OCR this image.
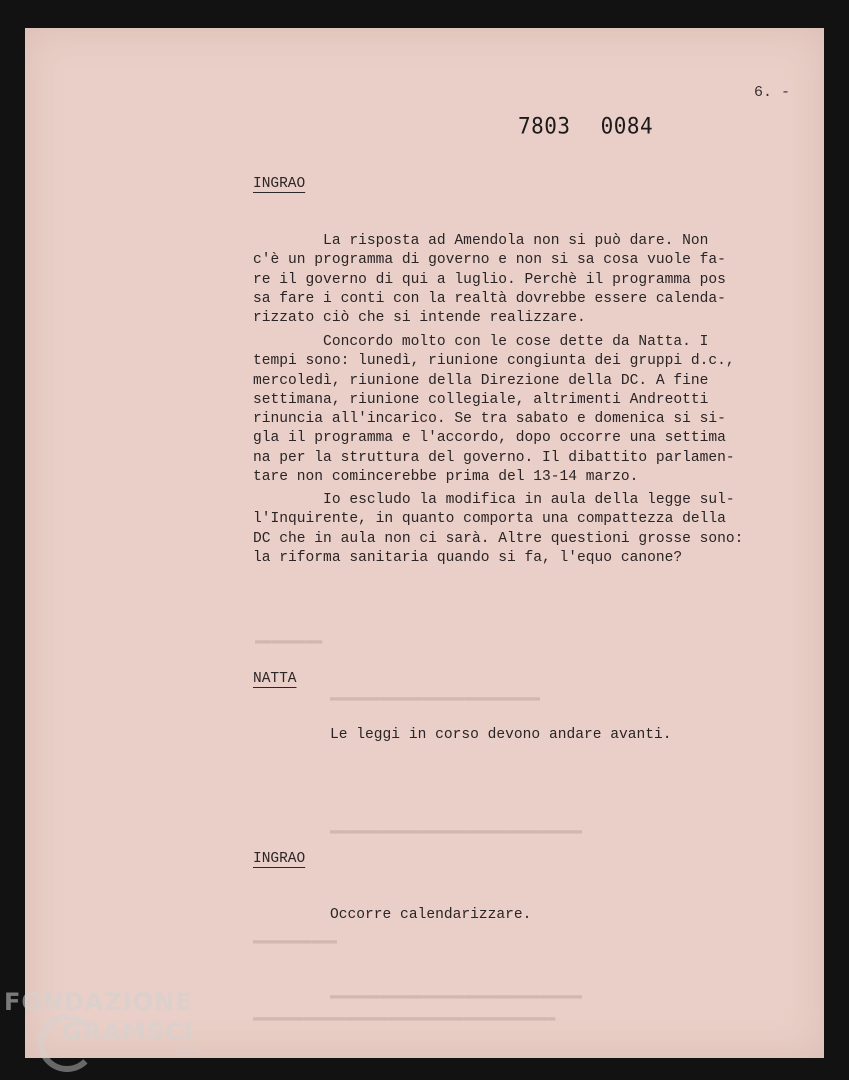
▬▬▬▬▬▬▬▬
▬▬▬▬▬▬▬▬▬▬▬▬▬▬▬▬▬▬▬▬▬▬▬▬▬
▬▬▬▬▬▬▬▬▬▬▬▬▬▬▬▬▬▬▬▬▬▬▬▬▬▬▬▬▬▬
▬▬▬▬▬▬▬▬▬▬
▬▬▬▬▬▬▬▬▬▬▬▬▬▬▬▬▬▬▬▬▬▬▬▬▬▬▬▬▬▬
▬▬▬▬▬▬▬▬▬▬▬▬▬▬▬▬▬▬▬▬▬▬▬▬▬▬▬▬▬▬▬▬▬▬▬▬
6. -
7803 0084
INGRAO
La risposta ad Amendola non si può dare. Non
c'è un programma di governo e non si sa cosa vuole fa-
re il governo di qui a luglio. Perchè il programma pos
sa fare i conti con la realtà dovrebbe essere calenda-
rizzato ciò che si intende realizzare.
Concordo molto con le cose dette da Natta. I
tempi sono: lunedì, riunione congiunta dei gruppi d.c.,
mercoledì, riunione della Direzione della DC. A fine
settimana, riunione collegiale, altrimenti Andreotti
rinuncia all'incarico. Se tra sabato e domenica si si-
gla il programma e l'accordo, dopo occorre una settima
na per la struttura del governo. Il dibattito parlamen-
tare non comincerebbe prima del 13-14 marzo.
Io escludo la modifica in aula della legge sul-
l'Inquirente, in quanto comporta una compattezza della
DC che in aula non ci sarà. Altre questioni grosse sono:
la riforma sanitaria quando si fa, l'equo canone?
NATTA
Le leggi in corso devono andare avanti.
INGRAO
Occorre calendarizzare.
FONDAZIONE
GRAMSCI
onlus
